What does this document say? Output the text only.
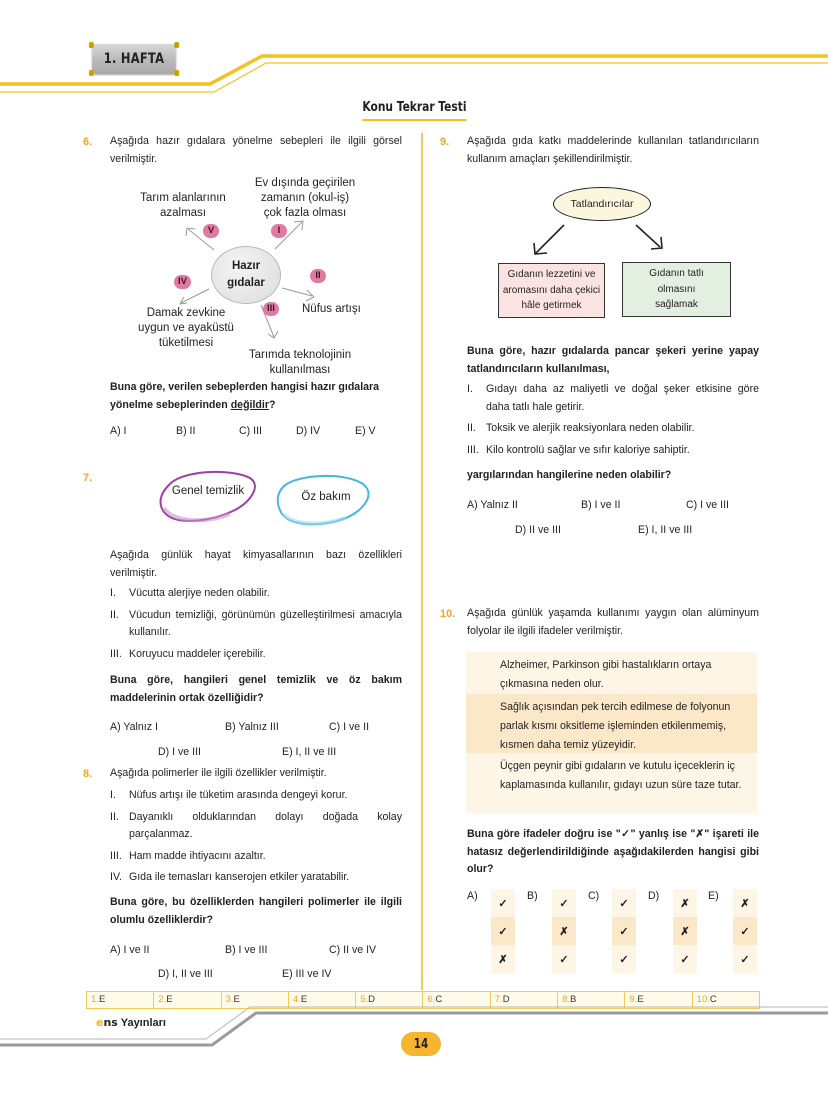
1. HAFTA
Konu Tekrar Testi
6. Aşağıda hazır gıdalara yönelme sebepleri ile ilgili görsel verilmiştir.
Hazır
gıdalar
I
II
III
IV
V
Ev dışında geçirilen
zamanın (okul-iş)
çok fazla olması
Nüfus artışı
Tarımda teknolojinin
kullanılması
Damak zevkine
uygun ve ayaküstü
tüketilmesi
Tarım alanlarının
azalması
Buna göre, verilen sebeplerden hangisi hazır gıdalara yönelme sebeplerinden değildir?
A) I	B) II	C) III	D) IV	E) V
7.
Genel temizlik	Öz bakım
Aşağıda günlük hayat kimyasallarının bazı özellikleri verilmiştir.
I.	Vücutta alerjiye neden olabilir.
II. Vücudun temizliği, görünümün güzelleştirilmesi amacıyla kullanılır.
III. Koruyucu maddeler içerebilir.
Buna göre, hangileri genel temizlik ve öz bakım maddelerinin ortak özelliğidir?
A) Yalnız I	B) Yalnız III	C) I ve II
D) I ve III	E) I, II ve III
8. Aşağıda polimerler ile ilgili özellikler verilmiştir.
I.	Nüfus artışı ile tüketim arasında dengeyi korur.
II. Dayanıklı olduklarından dolayı doğada kolay parçalanmaz.
III. Ham madde ihtiyacını azaltır.
IV. Gıda ile temasları kanserojen etkiler yaratabilir.
Buna göre, bu özelliklerden hangileri polimerler ile ilgili olumlu özelliklerdir?
A) I ve II	B) I ve III	C) II ve IV
D) I, II ve III	E) III ve IV
9. Aşağıda gıda katkı maddelerinde kullanılan tatlandırıcıların kullanım amaçları şekillendirilmiştir.
Tatlandırıcılar
Gıdanın lezzetini ve aromasını daha çekici hâle getirmek
Gıdanın tatlı olmasını sağlamak
Buna göre, hazır gıdalarda pancar şekeri yerine yapay tatlandırıcıların kullanılması,
I.	Gıdayı daha az maliyetli ve doğal şeker etkisine göre daha tatlı hale getirir.
II. Toksik ve alerjik reaksiyonlara neden olabilir.
III. Kilo kontrolü sağlar ve sıfır kaloriye sahiptir.
yargılarından hangilerine neden olabilir?
A) Yalnız II	B) I ve II	C) I ve III
D) II ve III	E) I, II ve III
10. Aşağıda günlük yaşamda kullanımı yaygın olan alüminyum folyolar ile ilgili ifadeler verilmiştir.
Alzheimer, Parkinson gibi hastalıkların ortaya çıkmasına neden olur.
Sağlık açısından pek tercih edilmese de folyonun parlak kısmı oksitleme işleminden etkilenmemiş, kısmen daha temiz yüzeyidir.
Üçgen peynir gibi gıdaların ve kutulu içeceklerin iç kaplamasında kullanılır, gıdayı uzun süre taze tutar.
Buna göre ifadeler doğru ise "✓" yanlış ise "✗" işareti ile hatasız değerlendirildiğinde aşağıdakilerden hangisi gibi olur?
A)
✓
✓
✗
B)
✓
✗
✓
C)
✓
✓
✓
D)
✗
✗
✓
E)
✗
✓
✓
1.E	2.E	3.E	4.E	5.D	6.C	7.D	8.B	9.E	10.C
ens Yayınları
14
